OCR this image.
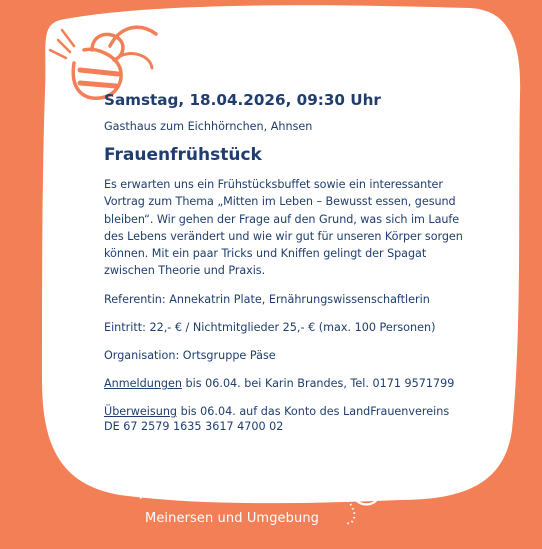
Samstag, 18.04.2026, 09:30 Uhr
Gasthaus zum Eichhörnchen, Ahnsen
Frauenfrühstück
Es erwarten uns ein Frühstücksbuffet sowie ein interessanter
Vortrag zum Thema „Mitten im Leben – Bewusst essen, gesund
bleiben“. Wir gehen der Frage auf den Grund, was sich im Laufe
des Lebens verändert und wie wir gut für unseren Körper sorgen
können. Mit ein paar Tricks und Kniffen gelingt der Spagat
zwischen Theorie und Praxis.
Referentin: Annekatrin Plate, Ernährungswissenschaftlerin
Eintritt: 22,- € / Nichtmitglieder 25,- € (max. 100 Personen)
Organisation: Ortsgruppe Päse
Anmeldungen bis 06.04. bei Karin Brandes, Tel. 0171 9571799
Überweisung bis 06.04. auf das Konto des LandFrauenvereins
DE 67 2579 1635 3617 4700 02
LandFrauenverein
Meinersen und Umgebung
